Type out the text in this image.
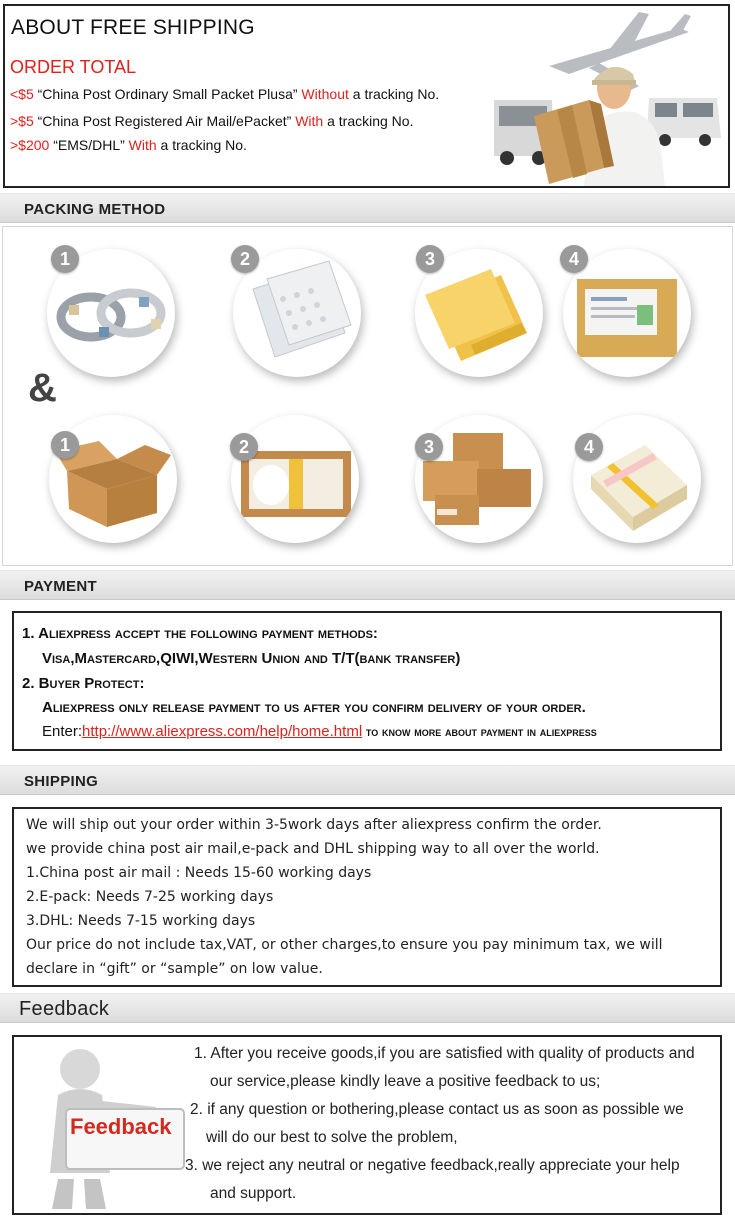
ABOUT FREE SHIPPING
ORDER TOTAL
<$5 “China Post Ordinary Small Packet Plusa” Without a tracking No.
>$5 “China Post Registered Air Mail/ePacket” With a tracking No.
>$200 “EMS/DHL” With a tracking No.
PACKING METHOD
1	2	3	4
&
1	2	3	4
PAYMENT
1. Aliexpress accept the following payment methods:
Visa,Mastercard,QIWI,Western Union and T/T(bank transfer)
2. Buyer Protect:
Aliexpress only release payment to us after you confirm delivery of your order.
Enter:http://www.aliexpress.com/help/home.html to know more about payment in aliexpress
SHIPPING
We will ship out your order within 3-5work days after aliexpress confirm the order.
we provide china post air mail,e-pack and DHL shipping way to all over the world.
1.China post air mail : Needs 15-60 working days
2.E-pack: Needs 7-25 working days
3.DHL: Needs 7-15 working days
Our price do not include tax,VAT, or other charges,to ensure you pay minimum tax, we will
declare in “gift” or “sample” on low value.
Feedback
Feedback
1. After you receive goods,if you are satisfied with quality of products and
our service,please kindly leave a positive feedback to us;
2. if any question or bothering,please contact us as soon as possible we
will do our best to solve the problem,
3. we reject any neutral or negative feedback,really appreciate your help
and support.
